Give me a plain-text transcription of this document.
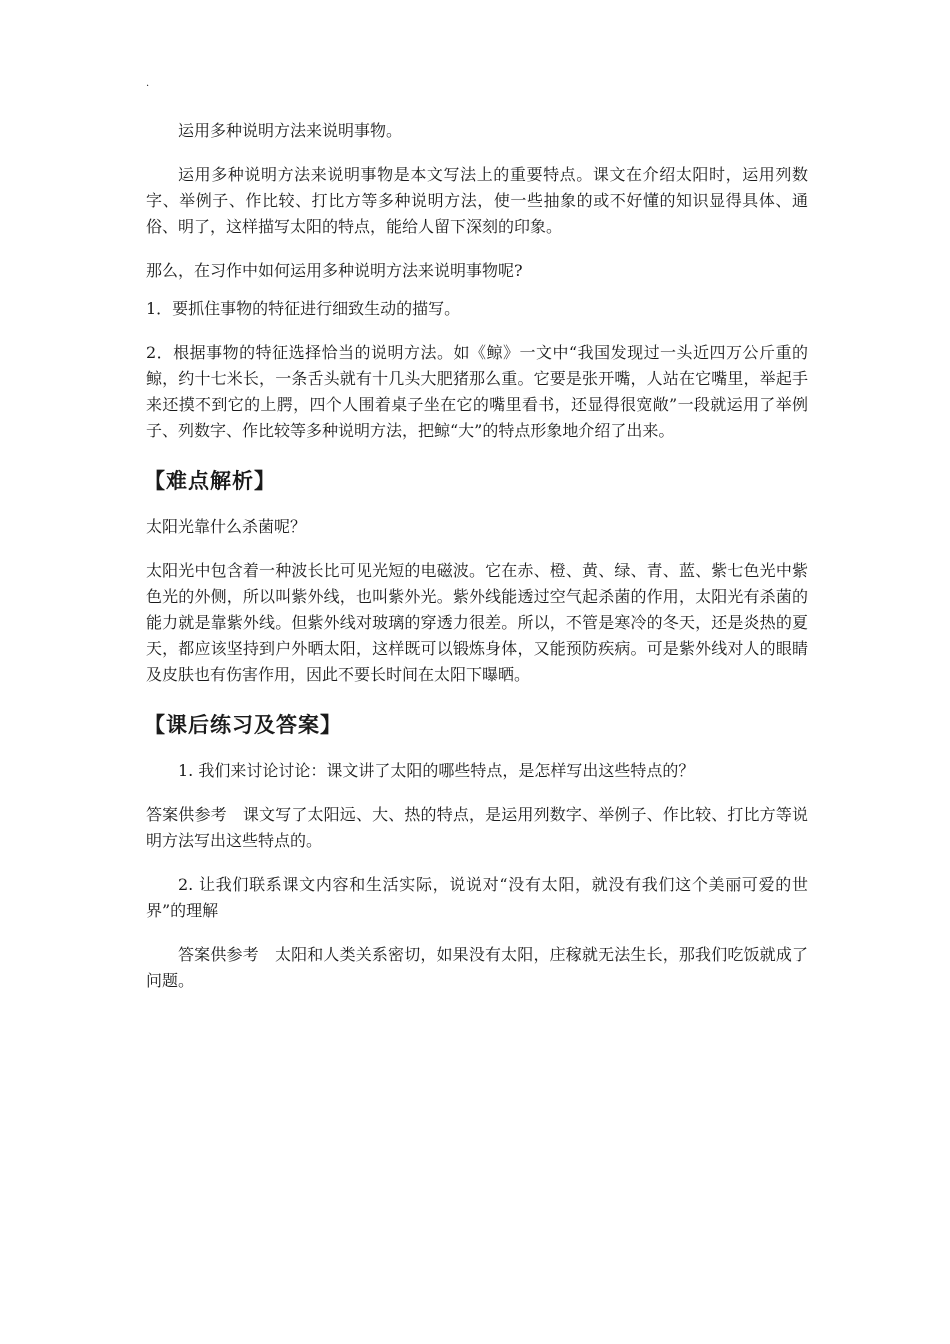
.

运用多种说明方法来说明事物。

运用多种说明方法来说明事物是本文写法上的重要特点。课文在介绍太阳时，运用列数字、举例子、作比较、打比方等多种说明方法，使一些抽象的或不好懂的知识显得具体、通俗、明了，这样描写太阳的特点，能给人留下深刻的印象。

那么，在习作中如何运用多种说明方法来说明事物呢?

1．要抓住事物的特征进行细致生动的描写。

2．根据事物的特征选择恰当的说明方法。如《鲸》一文中“我国发现过一头近四万公斤重的鲸，约十七米长，一条舌头就有十几头大肥猪那么重。它要是张开嘴，人站在它嘴里，举起手来还摸不到它的上腭，四个人围着桌子坐在它的嘴里看书，还显得很宽敞”一段就运用了举例子、列数字、作比较等多种说明方法，把鲸“大”的特点形象地介绍了出来。

【难点解析】

太阳光靠什么杀菌呢？

太阳光中包含着一种波长比可见光短的电磁波。它在赤、橙、黄、绿、青、蓝、紫七色光中紫色光的外侧，所以叫紫外线，也叫紫外光。紫外线能透过空气起杀菌的作用，太阳光有杀菌的能力就是靠紫外线。但紫外线对玻璃的穿透力很差。所以，不管是寒冷的冬天，还是炎热的夏天，都应该坚持到户外晒太阳，这样既可以锻炼身体，又能预防疾病。可是紫外线对人的眼睛及皮肤也有伤害作用，因此不要长时间在太阳下曝晒。

【课后练习及答案】

1. 我们来讨论讨论：课文讲了太阳的哪些特点，是怎样写出这些特点的？

答案供参考　课文写了太阳远、大、热的特点，是运用列数字、举例子、作比较、打比方等说明方法写出这些特点的。

2. 让我们联系课文内容和生活实际，说说对“没有太阳，就没有我们这个美丽可爱的世界”的理解

答案供参考　太阳和人类关系密切，如果没有太阳，庄稼就无法生长，那我们吃饭就成了问题。
